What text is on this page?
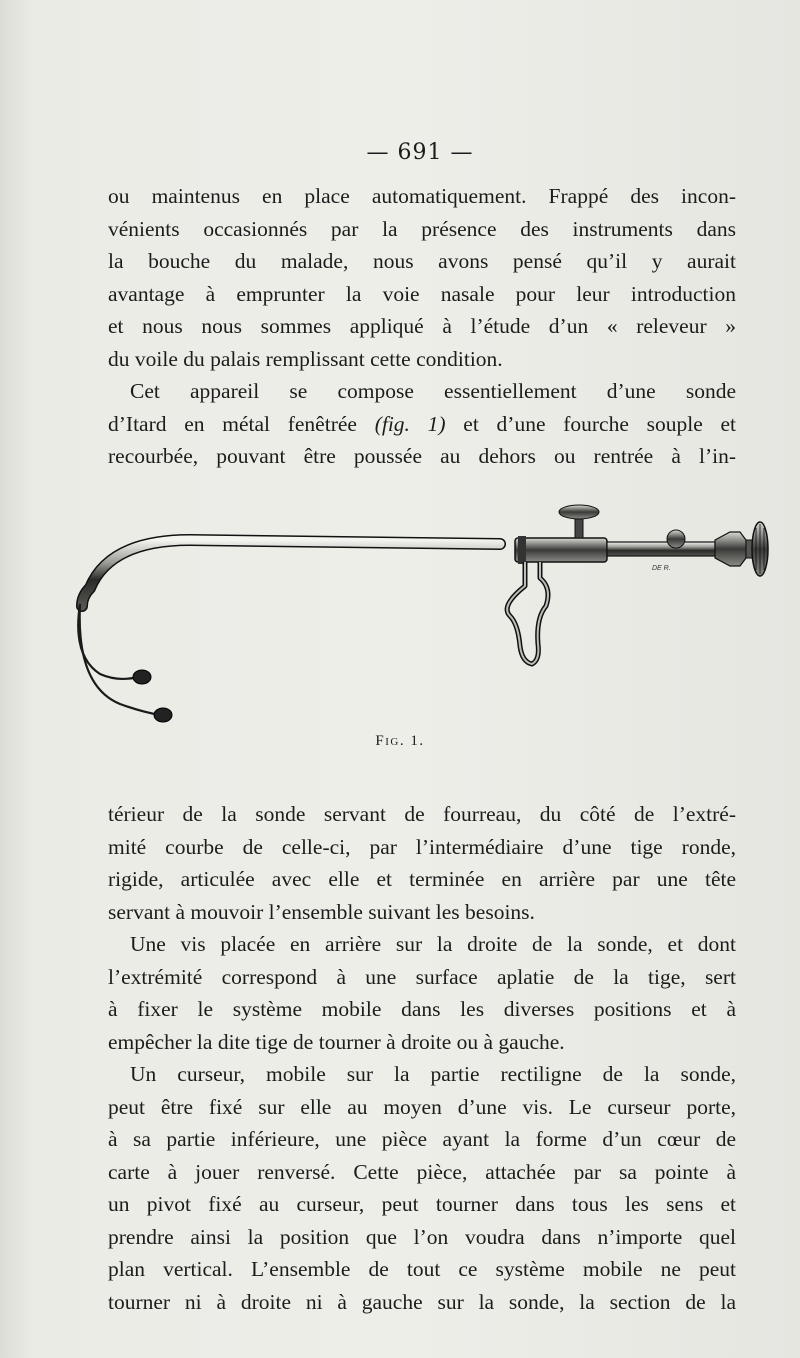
— 691 —

ou maintenus en place automatiquement. Frappé des incon-

vénients occasionnés par la présence des instruments dans

la bouche du malade, nous avons pensé qu’il y aurait

avantage à emprunter la voie nasale pour leur introduction

et nous nous sommes appliqué à l’étude d’un « releveur »

du voile du palais remplissant cette condition.

Cet appareil se compose essentiellement d’une sonde

d’Itard en métal fenêtrée (fig. 1) et d’une fourche souple et

recourbée, pouvant être poussée au dehors ou rentrée à l’in-

COLLIN
DE R.
Fig. 1.

térieur de la sonde servant de fourreau, du côté de l’extré-

mité courbe de celle-ci, par l’intermédiaire d’une tige ronde,

rigide, articulée avec elle et terminée en arrière par une tête

servant à mouvoir l’ensemble suivant les besoins.

Une vis placée en arrière sur la droite de la sonde, et dont

l’extrémité correspond à une surface aplatie de la tige, sert

à fixer le système mobile dans les diverses positions et à

empêcher la dite tige de tourner à droite ou à gauche.

Un curseur, mobile sur la partie rectiligne de la sonde,

peut être fixé sur elle au moyen d’une vis. Le curseur porte,

à sa partie inférieure, une pièce ayant la forme d’un cœur de

carte à jouer renversé. Cette pièce, attachée par sa pointe à

un pivot fixé au curseur, peut tourner dans tous les sens et

prendre ainsi la position que l’on voudra dans n’importe quel

plan vertical. L’ensemble de tout ce système mobile ne peut

tourner ni à droite ni à gauche sur la sonde, la section de la
